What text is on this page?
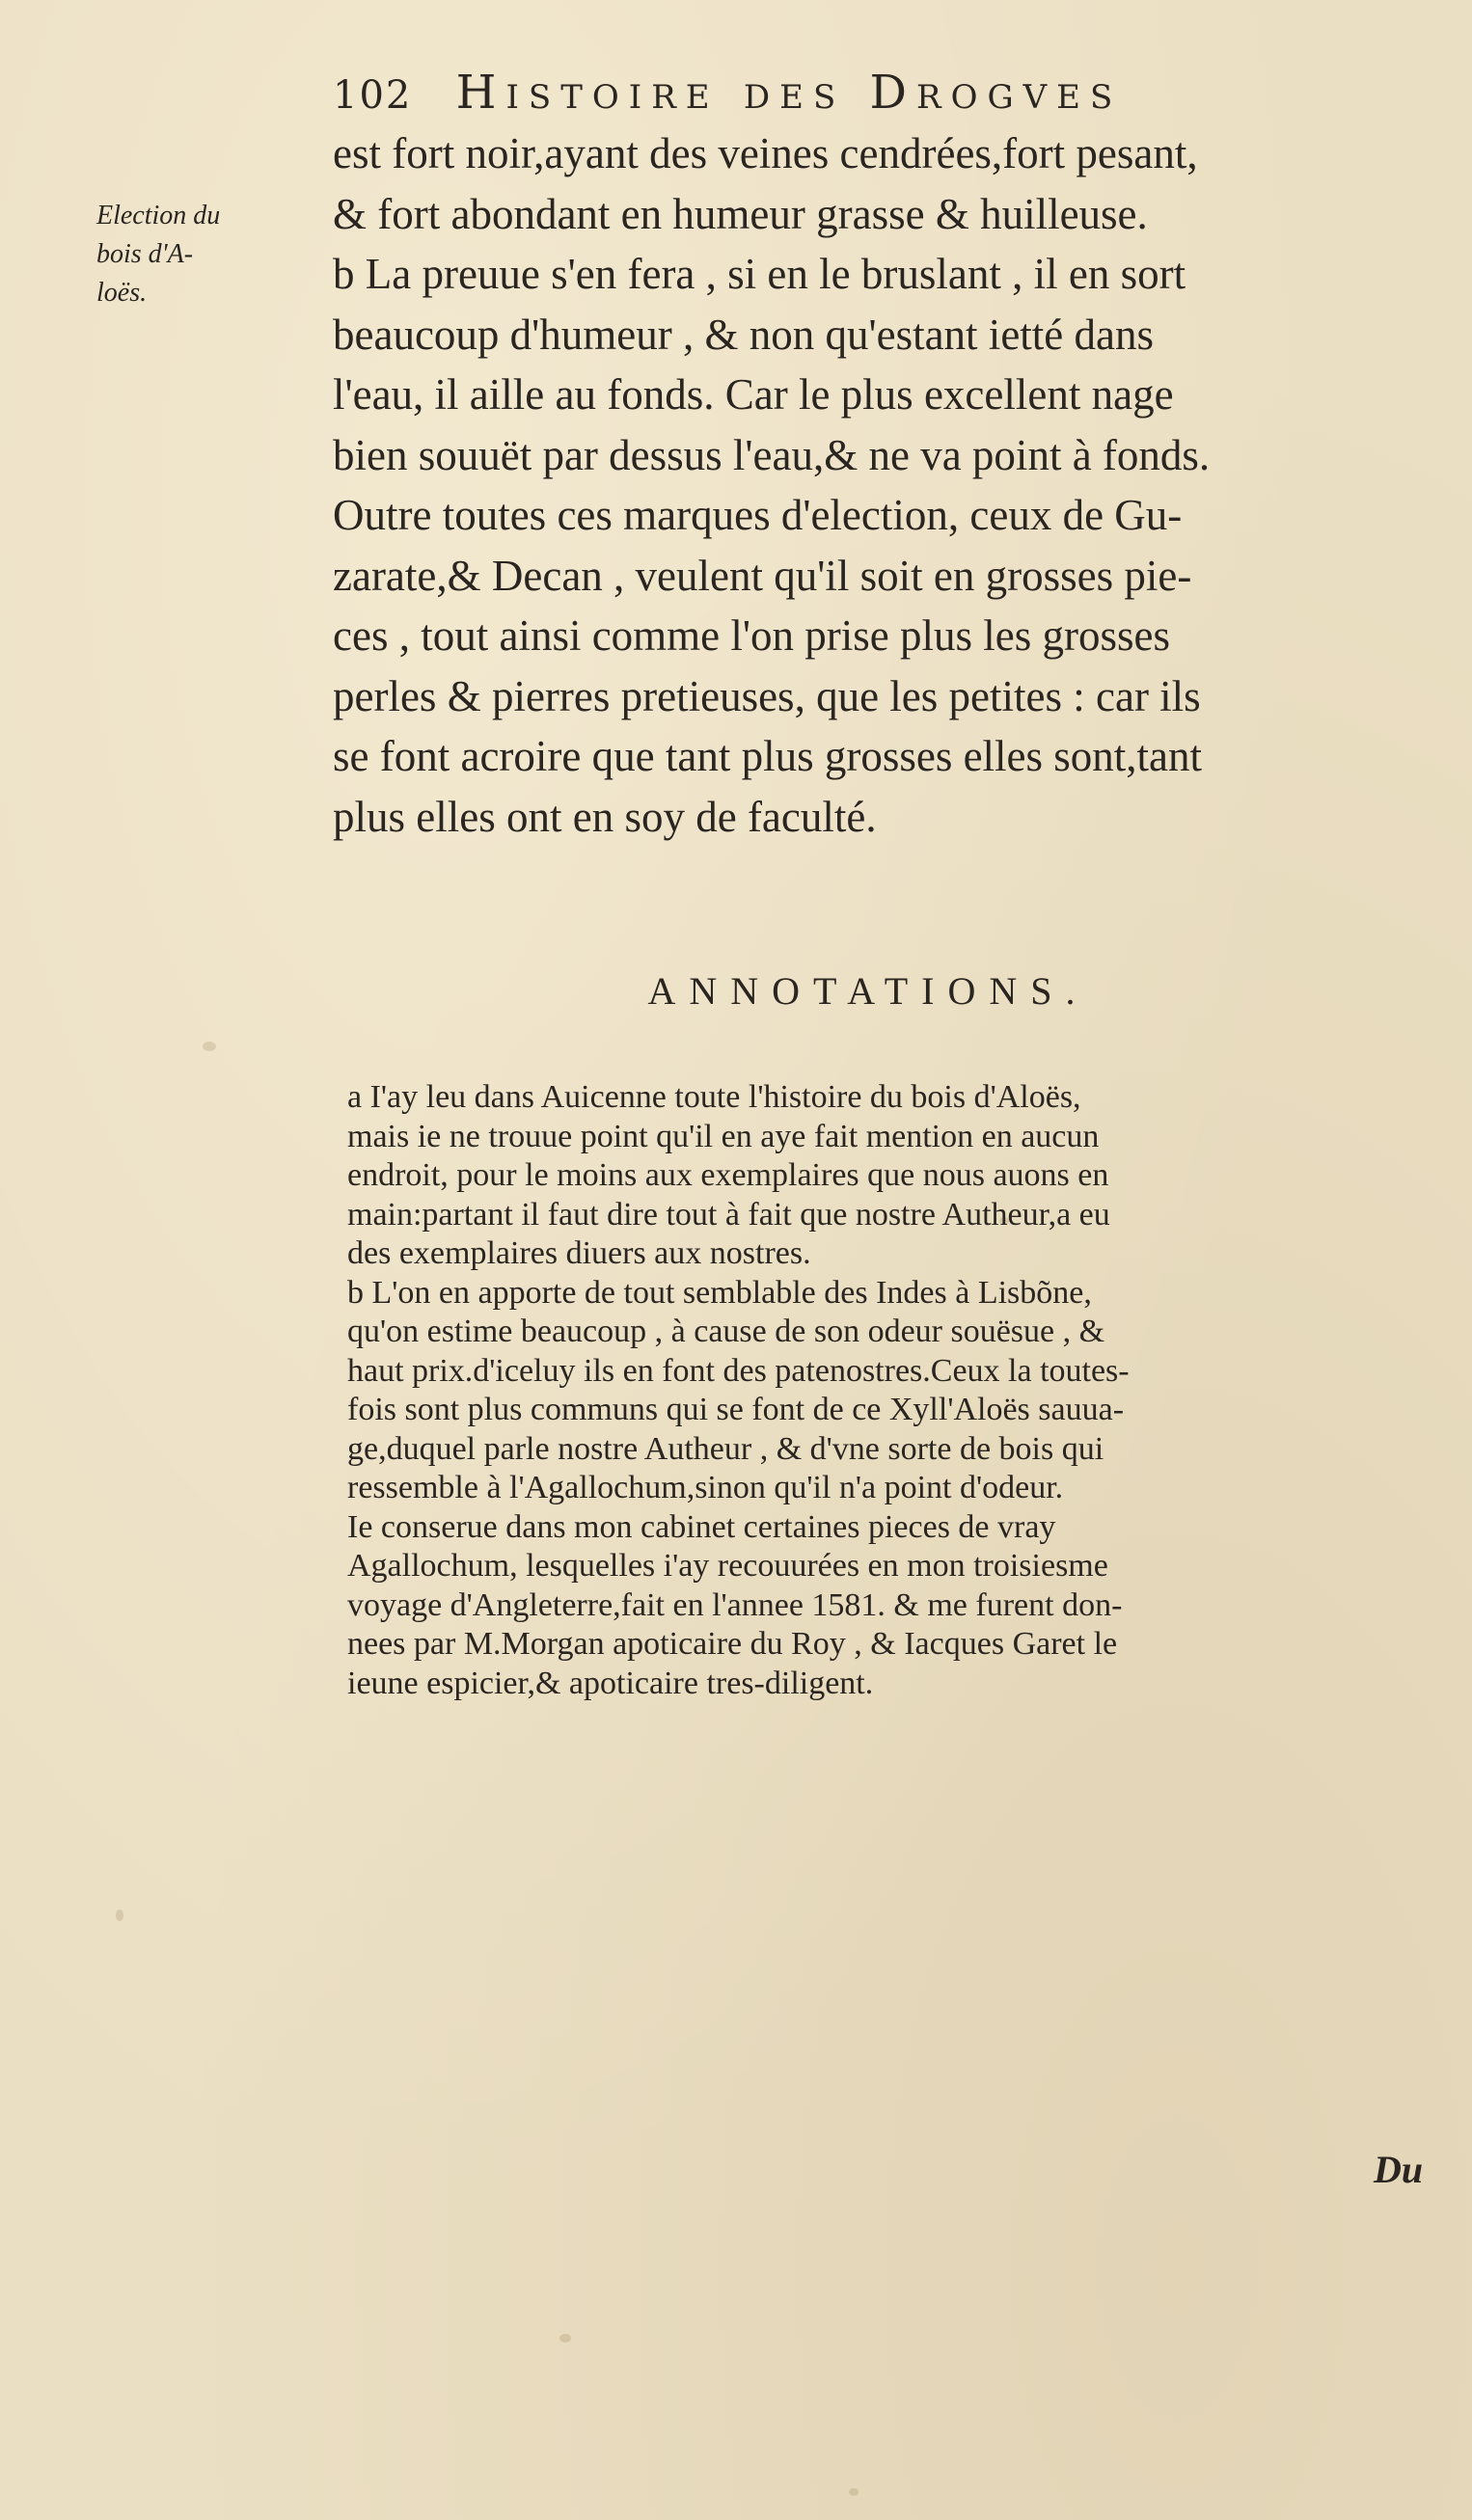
102 Histoire des Drogves
Election du
bois d'A-
loës.
est fort noir,ayant des veines cendrées,fort pesant,
& fort abondant en humeur grasse & huilleuse.
b La preuue s'en fera , si en le bruslant , il en sort
beaucoup d'humeur , & non qu'estant ietté dans
l'eau, il aille au fonds. Car le plus excellent nage
bien souuët par dessus l'eau,& ne va point à fonds.
Outre toutes ces marques d'election, ceux de Gu-
zarate,& Decan , veulent qu'il soit en grosses pie-
ces , tout ainsi comme l'on prise plus les grosses
perles & pierres pretieuses, que les petites : car ils
se font acroire que tant plus grosses elles sont,tant
plus elles ont en soy de faculté.
ANNOTATIONS.
a I'ay leu dans Auicenne toute l'histoire du bois d'Aloës,
mais ie ne trouue point qu'il en aye fait mention en aucun
endroit, pour le moins aux exemplaires que nous auons en
main:partant il faut dire tout à fait que nostre Autheur,a eu
des exemplaires diuers aux nostres.
b L'on en apporte de tout semblable des Indes à Lisbõne,
qu'on estime beaucoup , à cause de son odeur souësue , &
haut prix.d'iceluy ils en font des patenostres.Ceux la toutes-
fois sont plus communs qui se font de ce Xyll'Aloës sauua-
ge,duquel parle nostre Autheur , & d'vne sorte de bois qui
ressemble à l'Agallochum,sinon qu'il n'a point d'odeur.
Ie conserue dans mon cabinet certaines pieces de vray
Agallochum, lesquelles i'ay recouurées en mon troisiesme
voyage d'Angleterre,fait en l'annee 1581. & me furent don-
nees par M.Morgan apoticaire du Roy , & Iacques Garet le
ieune espicier,& apoticaire tres-diligent.
Du
